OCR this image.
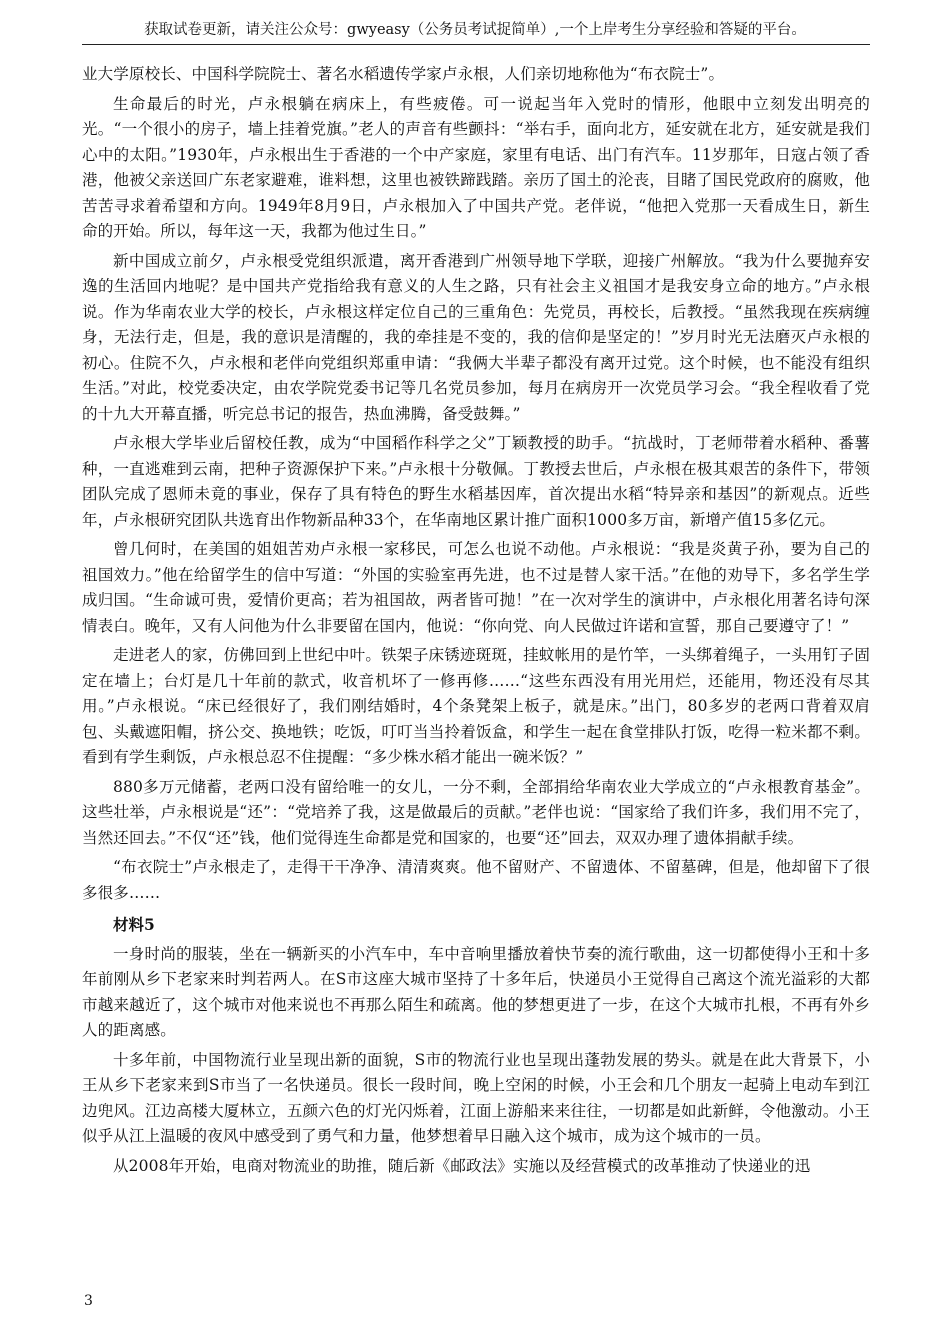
获取试卷更新，请关注公众号：gwyeasy（公务员考试捉简单）,一个上岸考生分享经验和答疑的平台。

业大学原校长、中国科学院院士、著名水稻遗传学家卢永根，人们亲切地称他为“布衣院士”。

生命最后的时光，卢永根躺在病床上，有些疲倦。可一说起当年入党时的情形，他眼中立刻发出明亮的光。“一个很小的房子，墙上挂着党旗。”老人的声音有些颤抖：“举右手，面向北方，延安就在北方，延安就是我们心中的太阳。”1930年，卢永根出生于香港的一个中产家庭，家里有电话、出门有汽车。11岁那年，日寇占领了香港，他被父亲送回广东老家避难，谁料想，这里也被铁蹄践踏。亲历了国土的沦丧，目睹了国民党政府的腐败，他苦苦寻求着希望和方向。1949年8月9日，卢永根加入了中国共产党。老伴说，“他把入党那一天看成生日，新生命的开始。所以，每年这一天，我都为他过生日。”

新中国成立前夕，卢永根受党组织派遣，离开香港到广州领导地下学联，迎接广州解放。“我为什么要抛弃安逸的生活回内地呢？是中国共产党指给我有意义的人生之路，只有社会主义祖国才是我安身立命的地方。”卢永根说。作为华南农业大学的校长，卢永根这样定位自己的三重角色：先党员，再校长，后教授。“虽然我现在疾病缠身，无法行走，但是，我的意识是清醒的，我的牵挂是不变的，我的信仰是坚定的！”岁月时光无法磨灭卢永根的初心。住院不久，卢永根和老伴向党组织郑重申请：“我俩大半辈子都没有离开过党。这个时候，也不能没有组织生活。”对此，校党委决定，由农学院党委书记等几名党员参加，每月在病房开一次党员学习会。“我全程收看了党的十九大开幕直播，听完总书记的报告，热血沸腾，备受鼓舞。”

卢永根大学毕业后留校任教，成为“中国稻作科学之父”丁颖教授的助手。“抗战时，丁老师带着水稻种、番薯种，一直逃难到云南，把种子资源保护下来。”卢永根十分敬佩。丁教授去世后，卢永根在极其艰苦的条件下，带领团队完成了恩师未竟的事业，保存了具有特色的野生水稻基因库，首次提出水稻“特异亲和基因”的新观点。近些年，卢永根研究团队共选育出作物新品种33个，在华南地区累计推广面积1000多万亩，新增产值15多亿元。

曾几何时，在美国的姐姐苦劝卢永根一家移民，可怎么也说不动他。卢永根说：“我是炎黄子孙，要为自己的祖国效力。”他在给留学生的信中写道：“外国的实验室再先进，也不过是替人家干活。”在他的劝导下，多名学生学成归国。“生命诚可贵，爱情价更高；若为祖国故，两者皆可抛！”在一次对学生的演讲中，卢永根化用著名诗句深情表白。晚年，又有人问他为什么非要留在国内，他说：“你向党、向人民做过许诺和宣誓，那自己要遵守了！”

走进老人的家，仿佛回到上世纪中叶。铁架子床锈迹斑斑，挂蚊帐用的是竹竿，一头绑着绳子，一头用钉子固定在墙上；台灯是几十年前的款式，收音机坏了一修再修……“这些东西没有用光用烂，还能用，物还没有尽其用。”卢永根说。“床已经很好了，我们刚结婚时，4个条凳架上板子，就是床。”出门，80多岁的老两口背着双肩包、头戴遮阳帽，挤公交、换地铁；吃饭，叮叮当当拎着饭盒，和学生一起在食堂排队打饭，吃得一粒米都不剩。看到有学生剩饭，卢永根总忍不住提醒：“多少株水稻才能出一碗米饭？”

880多万元储蓄，老两口没有留给唯一的女儿，一分不剩，全部捐给华南农业大学成立的“卢永根教育基金”。这些壮举，卢永根说是“还”：“党培养了我，这是做最后的贡献。”老伴也说：“国家给了我们许多，我们用不完了，当然还回去。”不仅“还”钱，他们觉得连生命都是党和国家的，也要“还”回去，双双办理了遗体捐献手续。

“布衣院士”卢永根走了，走得干干净净、清清爽爽。他不留财产、不留遗体、不留墓碑，但是，他却留下了很多很多……

材料5

一身时尚的服装，坐在一辆新买的小汽车中，车中音响里播放着快节奏的流行歌曲，这一切都使得小王和十多年前刚从乡下老家来时判若两人。在S市这座大城市坚持了十多年后，快递员小王觉得自己离这个流光溢彩的大都市越来越近了，这个城市对他来说也不再那么陌生和疏离。他的梦想更进了一步，在这个大城市扎根，不再有外乡人的距离感。

十多年前，中国物流行业呈现出新的面貌，S市的物流行业也呈现出蓬勃发展的势头。就是在此大背景下，小王从乡下老家来到S市当了一名快递员。很长一段时间，晚上空闲的时候，小王会和几个朋友一起骑上电动车到江边兜风。江边高楼大厦林立，五颜六色的灯光闪烁着，江面上游船来来往往，一切都是如此新鲜，令他激动。小王似乎从江上温暖的夜风中感受到了勇气和力量，他梦想着早日融入这个城市，成为这个城市的一员。

从2008年开始，电商对物流业的助推，随后新《邮政法》实施以及经营模式的改革推动了快递业的迅

3
